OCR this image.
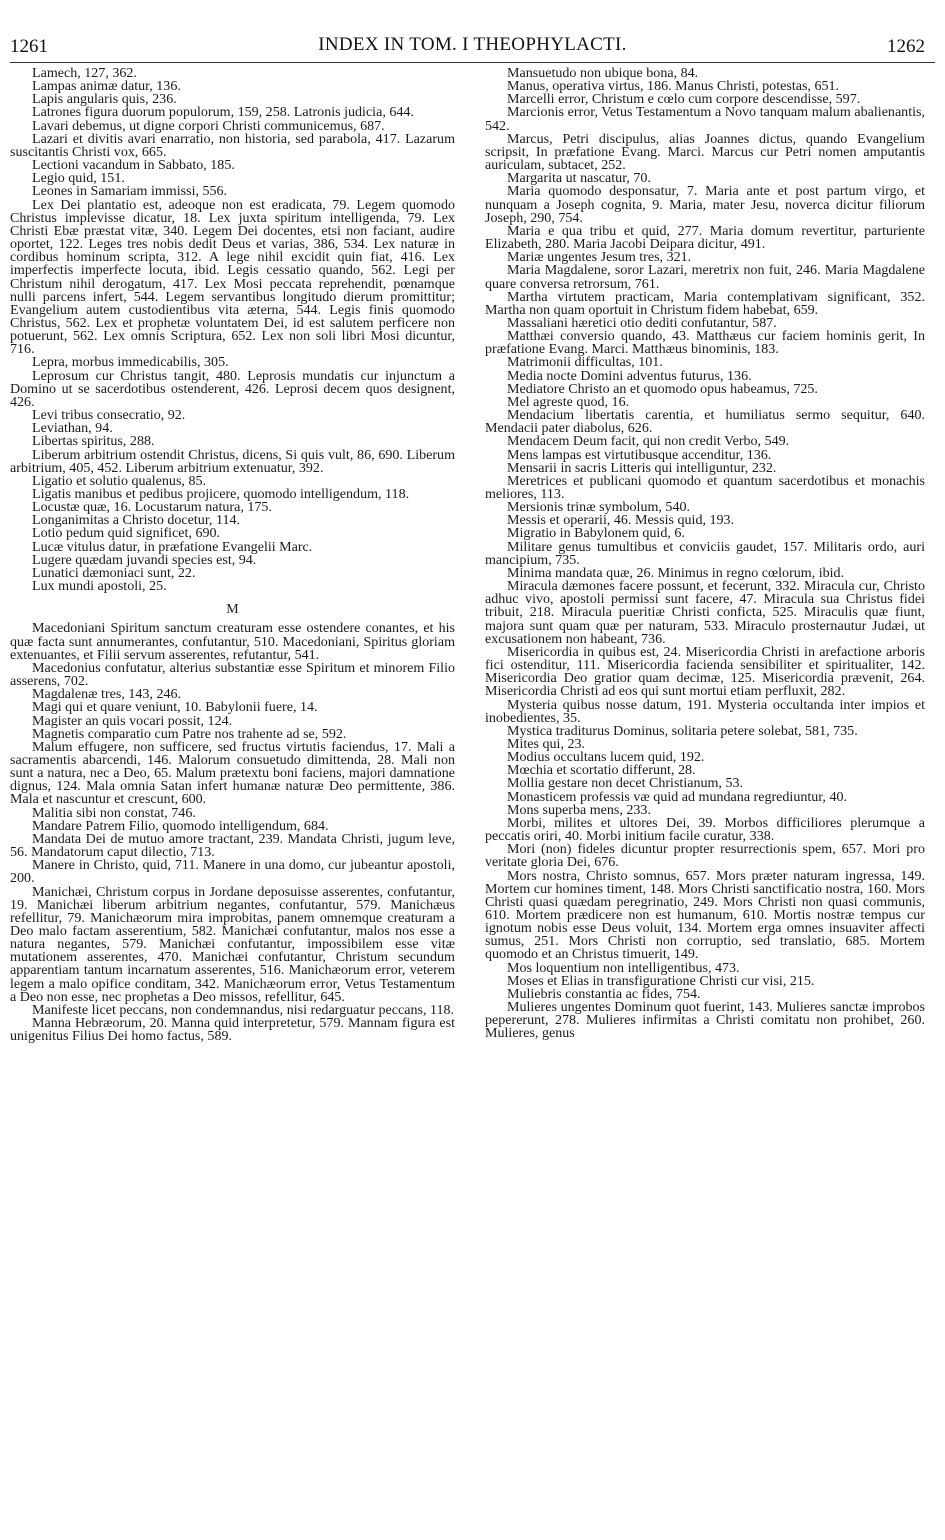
1261	INDEX IN TOM. I THEOPHYLACTI.	1262

Lamech, 127, 362.

Lampas animæ datur, 136.

Lapis angularis quis, 236.

Latrones figura duorum populorum, 159, 258. Latronis judicia, 644.

Lavari debemus, ut digne corpori Christi communicemus, 687.

Lazari et divitis avari enarratio, non historia, sed parabola, 417. Lazarum suscitantis Christi vox, 665.

Lectioni vacandum in Sabbato, 185.

Legio quid, 151.

Leones in Samariam immissi, 556.

Lex Dei plantatio est, adeoque non est eradicata, 79. Legem quomodo Christus implevisse dicatur, 18. Lex juxta spiritum intelligenda, 79. Lex Christi Ebæ præstat vitæ, 340. Legem Dei docentes, etsi non faciant, audire oportet, 122. Leges tres nobis dedit Deus et varias, 386, 534. Lex naturæ in cordibus hominum scripta, 312. A lege nihil excidit quin fiat, 416. Lex imperfectis imperfecte locuta, ibid. Legis cessatio quando, 562. Legi per Christum nihil derogatum, 417. Lex Mosi peccata reprehendit, pœnamque nulli parcens infert, 544. Legem servantibus longitudo dierum promittitur; Evangelium autem custodientibus vita æterna, 544. Legis finis quomodo Christus, 562. Lex et prophetæ voluntatem Dei, id est salutem perficere non potuerunt, 562. Lex omnis Scriptura, 652. Lex non soli libri Mosi dicuntur, 716.

Lepra, morbus immedicabilis, 305.

Leprosum cur Christus tangit, 480. Leprosis mundatis cur injunctum a Domino ut se sacerdotibus ostenderent, 426. Leprosi decem quos designent, 426.

Levi tribus consecratio, 92.

Leviathan, 94.

Libertas spiritus, 288.

Liberum arbitrium ostendit Christus, dicens, Si quis vult, 86, 690. Liberum arbitrium, 405, 452. Liberum arbitrium extenuatur, 392.

Ligatio et solutio qualenus, 85.

Ligatis manibus et pedibus projicere, quomodo intelligendum, 118.

Locustæ quæ, 16. Locustarum natura, 175.

Longanimitas a Christo docetur, 114.

Lotio pedum quid significet, 690.

Lucæ vitulus datur, in præfatione Evangelii Marc.

Lugere quædam juvandi species est, 94.

Lunatici dæmoniaci sunt, 22.

Lux mundi apostoli, 25.

M

Macedoniani Spiritum sanctum creaturam esse ostendere conantes, et his quæ facta sunt annumerantes, confutantur, 510. Macedoniani, Spiritus gloriam extenuantes, et Filii servum asserentes, refutantur, 541.

Macedonius confutatur, alterius substantiæ esse Spiritum et minorem Filio asserens, 702.

Magdalenæ tres, 143, 246.

Magi qui et quare veniunt, 10. Babylonii fuere, 14.

Magister an quis vocari possit, 124.

Magnetis comparatio cum Patre nos trahente ad se, 592.

Malum effugere, non sufficere, sed fructus virtutis faciendus, 17. Mali a sacramentis abarcendi, 146. Malorum consuetudo dimittenda, 28. Mali non sunt a natura, nec a Deo, 65. Malum prætextu boni faciens, majori damnatione dignus, 124. Mala omnia Satan infert humanæ naturæ Deo permittente, 386. Mala et nascuntur et crescunt, 600.

Malitia sibi non constat, 746.

Mandare Patrem Filio, quomodo intelligendum, 684.

Mandata Dei de mutuo amore tractant, 239. Mandata Christi, jugum leve, 56. Mandatorum caput dilectio, 713.

Manere in Christo, quid, 711. Manere in una domo, cur jubeantur apostoli, 200.

Manichæi, Christum corpus in Jordane deposuisse asserentes, confutantur, 19. Manichæi liberum arbitrium negantes, confutantur, 579. Manichæus refellitur, 79. Manichæorum mira improbitas, panem omnemque creaturam a Deo malo factam asserentium, 582. Manichæi confutantur, malos nos esse a natura negantes, 579. Manichæi confutantur, impossibilem esse vitæ mutationem asserentes, 470. Manichæi confutantur, Christum secundum apparentiam tantum incarnatum asserentes, 516. Manichæorum error, veterem legem a malo opifice conditam, 342. Manichæorum error, Vetus Testamentum a Deo non esse, nec prophetas a Deo missos, refellitur, 645.

Manifeste licet peccans, non condemnandus, nisi redarguatur peccans, 118.

Manna Hebræorum, 20. Manna quid interpretetur, 579. Mannam figura est unigenitus Filius Dei homo factus, 589.

Mansuetudo non ubique bona, 84.

Manus, operativa virtus, 186. Manus Christi, potestas, 651.

Marcelli error, Christum e cœlo cum corpore descendisse, 597.

Marcionis error, Vetus Testamentum a Novo tanquam malum abalienantis, 542.

Marcus, Petri discipulus, alias Joannes dictus, quando Evangelium scripsit, In præfatione Evang. Marci. Marcus cur Petri nomen amputantis auriculam, subtacet, 252.

Margarita ut nascatur, 70.

Maria quomodo desponsatur, 7. Maria ante et post partum virgo, et nunquam a Joseph cognita, 9. Maria, mater Jesu, noverca dicitur filiorum Joseph, 290, 754.

Maria e qua tribu et quid, 277. Maria domum revertitur, parturiente Elizabeth, 280. Maria Jacobi Deipara dicitur, 491.

Mariæ ungentes Jesum tres, 321.

Maria Magdalene, soror Lazari, meretrix non fuit, 246. Maria Magdalene quare conversa retrorsum, 761.

Martha virtutem practicam, Maria contemplativam significant, 352. Martha non quam oportuit in Christum fidem habebat, 659.

Massaliani hæretici otio dediti confutantur, 587.

Matthæi conversio quando, 43. Matthæus cur faciem hominis gerit, In præfatione Evang. Marci. Matthæus binominis, 183.

Matrimonii difficultas, 101.

Media nocte Domini adventus futurus, 136.

Mediatore Christo an et quomodo opus habeamus, 725.

Mel agreste quod, 16.

Mendacium libertatis carentia, et humiliatus sermo sequitur, 640. Mendacii pater diabolus, 626.

Mendacem Deum facit, qui non credit Verbo, 549.

Mens lampas est virtutibusque accenditur, 136.

Mensarii in sacris Litteris qui intelliguntur, 232.

Meretrices et publicani quomodo et quantum sacerdotibus et monachis meliores, 113.

Mersionis trinæ symbolum, 540.

Messis et operarii, 46. Messis quid, 193.

Migratio in Babylonem quid, 6.

Militare genus tumultibus et conviciis gaudet, 157. Militaris ordo, auri mancipium, 735.

Minima mandata quæ, 26. Minimus in regno cœlorum, ibid.

Miracula dæmones facere possunt, et fecerunt, 332. Miracula cur, Christo adhuc vivo, apostoli permissi sunt facere, 47. Miracula sua Christus fidei tribuit, 218. Miracula pueritiæ Christi conficta, 525. Miraculis quæ fiunt, majora sunt quam quæ per naturam, 533. Miraculo prosternautur Judæi, ut excusationem non habeant, 736.

Misericordia in quibus est, 24. Misericordia Christi in arefactione arboris fici ostenditur, 111. Misericordia facienda sensibiliter et spiritualiter, 142. Misericordia Deo gratior quam decimæ, 125. Misericordia prævenit, 264. Misericordia Christi ad eos qui sunt mortui etiam perfluxit, 282.

Mysteria quibus nosse datum, 191. Mysteria occultanda inter impios et inobedientes, 35.

Mystica traditurus Dominus, solitaria petere solebat, 581, 735.

Mites qui, 23.

Modius occultans lucem quid, 192.

Mœchia et scortatio differunt, 28.

Mollia gestare non decet Christianum, 53.

Monasticem professis væ quid ad mundana regrediuntur, 40.

Mons superba mens, 233.

Morbi, milites et ultores Dei, 39. Morbos difficiliores plerumque a peccatis oriri, 40. Morbi initium facile curatur, 338.

Mori (non) fideles dicuntur propter resurrectionis spem, 657. Mori pro veritate gloria Dei, 676.

Mors nostra, Christo somnus, 657. Mors præter naturam ingressa, 149. Mortem cur homines timent, 148. Mors Christi sanctificatio nostra, 160. Mors Christi quasi quædam peregrinatio, 249. Mors Christi non quasi communis, 610. Mortem prædicere non est humanum, 610. Mortis nostræ tempus cur ignotum nobis esse Deus voluit, 134. Mortem erga omnes insuaviter affecti sumus, 251. Mors Christi non corruptio, sed translatio, 685. Mortem quomodo et an Christus timuerit, 149.

Mos loquentium non intelligentibus, 473.

Moses et Elias in transfiguratione Christi cur visi, 215.

Muliebris constantia ac fides, 754.

Mulieres ungentes Dominum quot fuerint, 143. Mulieres sanctæ improbos pepererunt, 278. Mulieres infirmitas a Christi comitatu non prohibet, 260. Mulieres, genus
